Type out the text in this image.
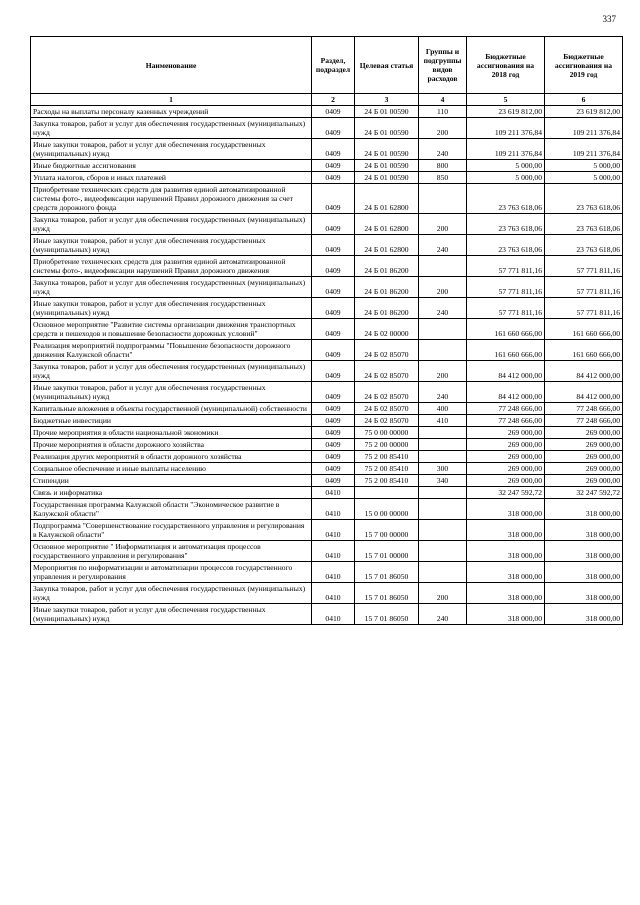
337
Наименование	Раздел, подраздел	Целевая статья	Группы и подгруппы видов расходов	Бюджетные ассигнования на 2018 год	Бюджетные ассигнования на 2019 год
1	2	3	4	5	6
Расходы на выплаты персоналу казенных учреждений	0409	24 Б 01 00590	110	23 619 812,00	23 619 812,00
Закупка товаров, работ и услуг для обеспечения государственных (муниципальных) нужд	0409	24 Б 01 00590	200	109 211 376,84	109 211 376,84
Иные закупки товаров, работ и услуг для обеспечения государственных (муниципальных) нужд	0409	24 Б 01 00590	240	109 211 376,84	109 211 376,84
Иные бюджетные ассигнования	0409	24 Б 01 00590	800	5 000,00	5 000,00
Уплата налогов, сборов и иных платежей	0409	24 Б 01 00590	850	5 000,00	5 000,00
Приобретение технических средств для развития единой автоматизированной системы фото-, видеофиксации нарушений Правил дорожного движения за счет средств дорожного фонда	0409	24 Б 01 62800		23 763 618,06	23 763 618,06
Закупка товаров, работ и услуг для обеспечения государственных (муниципальных) нужд	0409	24 Б 01 62800	200	23 763 618,06	23 763 618,06
Иные закупки товаров, работ и услуг для обеспечения государственных (муниципальных) нужд	0409	24 Б 01 62800	240	23 763 618,06	23 763 618,06
Приобретение технических средств для развития единой автоматизированной системы фото-, видеофиксации нарушений Правил дорожного движения	0409	24 Б 01 86200		57 771 811,16	57 771 811,16
Закупка товаров, работ и услуг для обеспечения государственных (муниципальных) нужд	0409	24 Б 01 86200	200	57 771 811,16	57 771 811,16
Иные закупки товаров, работ и услуг для обеспечения государственных (муниципальных) нужд	0409	24 Б 01 86200	240	57 771 811,16	57 771 811,16
Основное мероприятие "Развитие системы организации движения транспортных средств и пешеходов и повышение безопасности дорожных условий"	0409	24 Б 02 00000		161 660 666,00	161 660 666,00
Реализация мероприятий подпрограммы "Повышение безопасности дорожного движения Калужской области"	0409	24 Б 02 85070		161 660 666,00	161 660 666,00
Закупка товаров, работ и услуг для обеспечения государственных (муниципальных) нужд	0409	24 Б 02 85070	200	84 412 000,00	84 412 000,00
Иные закупки товаров, работ и услуг для обеспечения государственных (муниципальных) нужд	0409	24 Б 02 85070	240	84 412 000,00	84 412 000,00
Капитальные вложения в объекты государственной (муниципальной) собственности	0409	24 Б 02 85070	400	77 248 666,00	77 248 666,00
Бюджетные инвестиции	0409	24 Б 02 85070	410	77 248 666,00	77 248 666,00
Прочие мероприятия в области национальной экономики	0409	75 0 00 00000		269 000,00	269 000,00
Прочие мероприятия в области дорожного хозяйства	0409	75 2 00 00000		269 000,00	269 000,00
Реализация других мероприятий в области дорожного хозяйства	0409	75 2 00 85410		269 000,00	269 000,00
Социальное обеспечение и иные выплаты населению	0409	75 2 00 85410	300	269 000,00	269 000,00
Стипендии	0409	75 2 00 85410	340	269 000,00	269 000,00
Связь и информатика	0410			32 247 592,72	32 247 592,72
Государственная программа Калужской области "Экономическое развитие в Калужской области"	0410	15 0 00 00000		318 000,00	318 000,00
Подпрограмма "Совершенствование государственного управления и регулирования в Калужской области"	0410	15 7 00 00000		318 000,00	318 000,00
Основное мероприятие " Информатизация и автоматизация процессов государственного управления и регулирования"	0410	15 7 01 00000		318 000,00	318 000,00
Мероприятия по информатизации и автоматизации процессов государственного управления и регулирования	0410	15 7 01 86050		318 000,00	318 000,00
Закупка товаров, работ и услуг для обеспечения государственных (муниципальных) нужд	0410	15 7 01 86050	200	318 000,00	318 000,00
Иные закупки товаров, работ и услуг для обеспечения государственных (муниципальных) нужд	0410	15 7 01 86050	240	318 000,00	318 000,00
